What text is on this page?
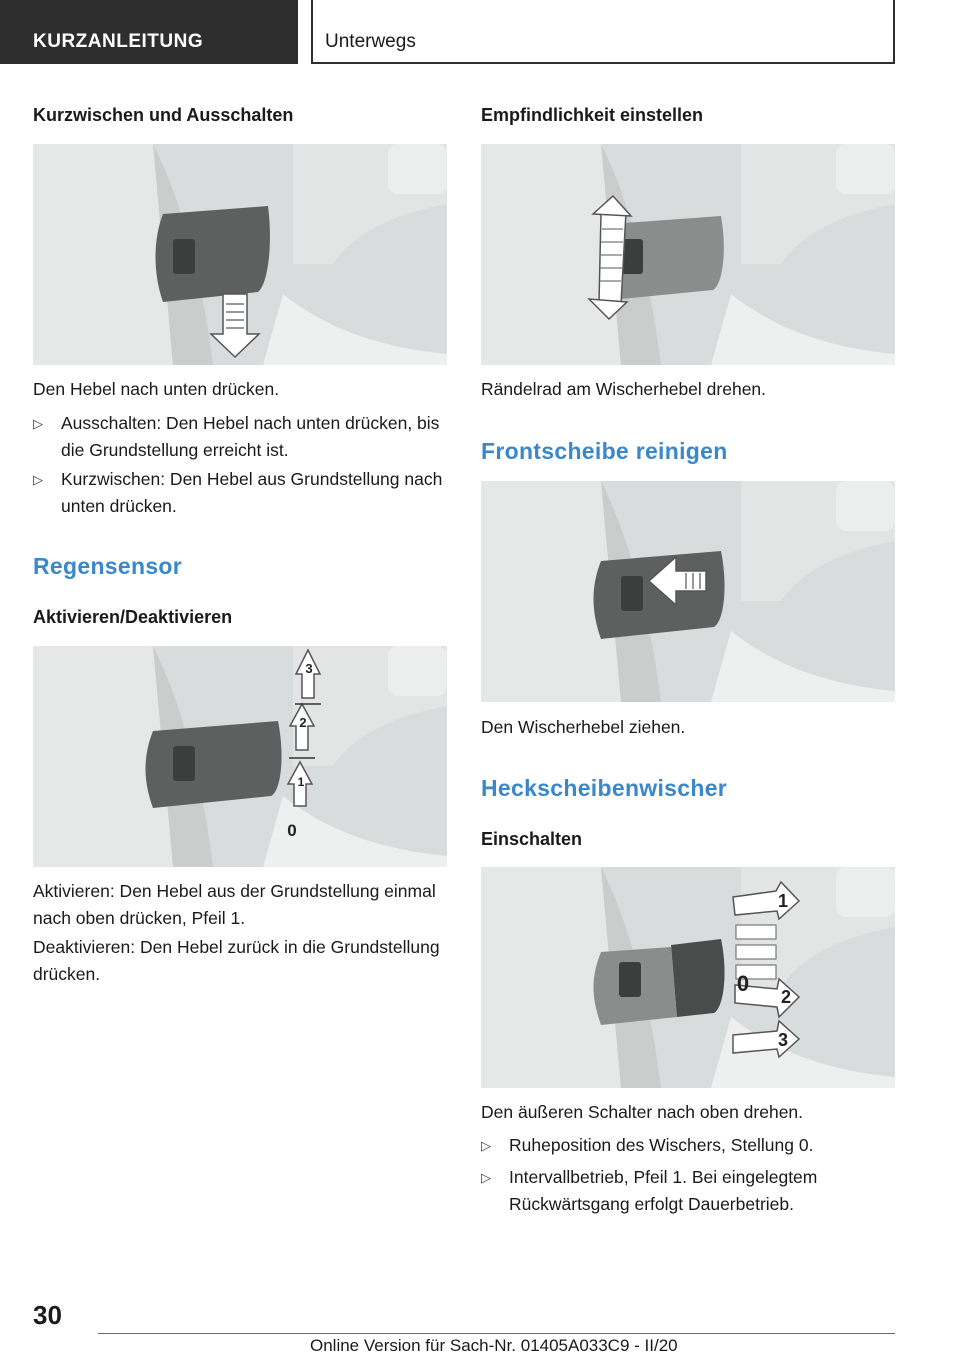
KURZANLEITUNG	Unterwegs
Kurzwischen und Ausschalten

Den Hebel nach unten drücken.

▷ Ausschalten: Den Hebel nach unten drücken, bis die Grundstellung erreicht ist.
▷ Kurzwischen: Den Hebel aus Grundstellung nach unten drücken.
Regensensor
Aktivieren/Deaktivieren
3
2
1
0

Aktivieren: Den Hebel aus der Grundstellung einmal nach oben drücken, Pfeil 1.

Deaktivieren: Den Hebel zurück in die Grundstellung drücken.

Empfindlichkeit einstellen

Rändelrad am Wischerhebel drehen.

Frontscheibe reinigen

Den Wischerhebel ziehen.

Heckscheibenwischer
Einschalten
1
0
2
3

Den äußeren Schalter nach oben drehen.

▷ Ruheposition des Wischers, Stellung 0.
▷ Intervallbetrieb, Pfeil 1. Bei eingelegtem Rückwärtsgang erfolgt Dauerbetrieb.
30
Online Version für Sach-Nr. 01405A033C9 - II/20
